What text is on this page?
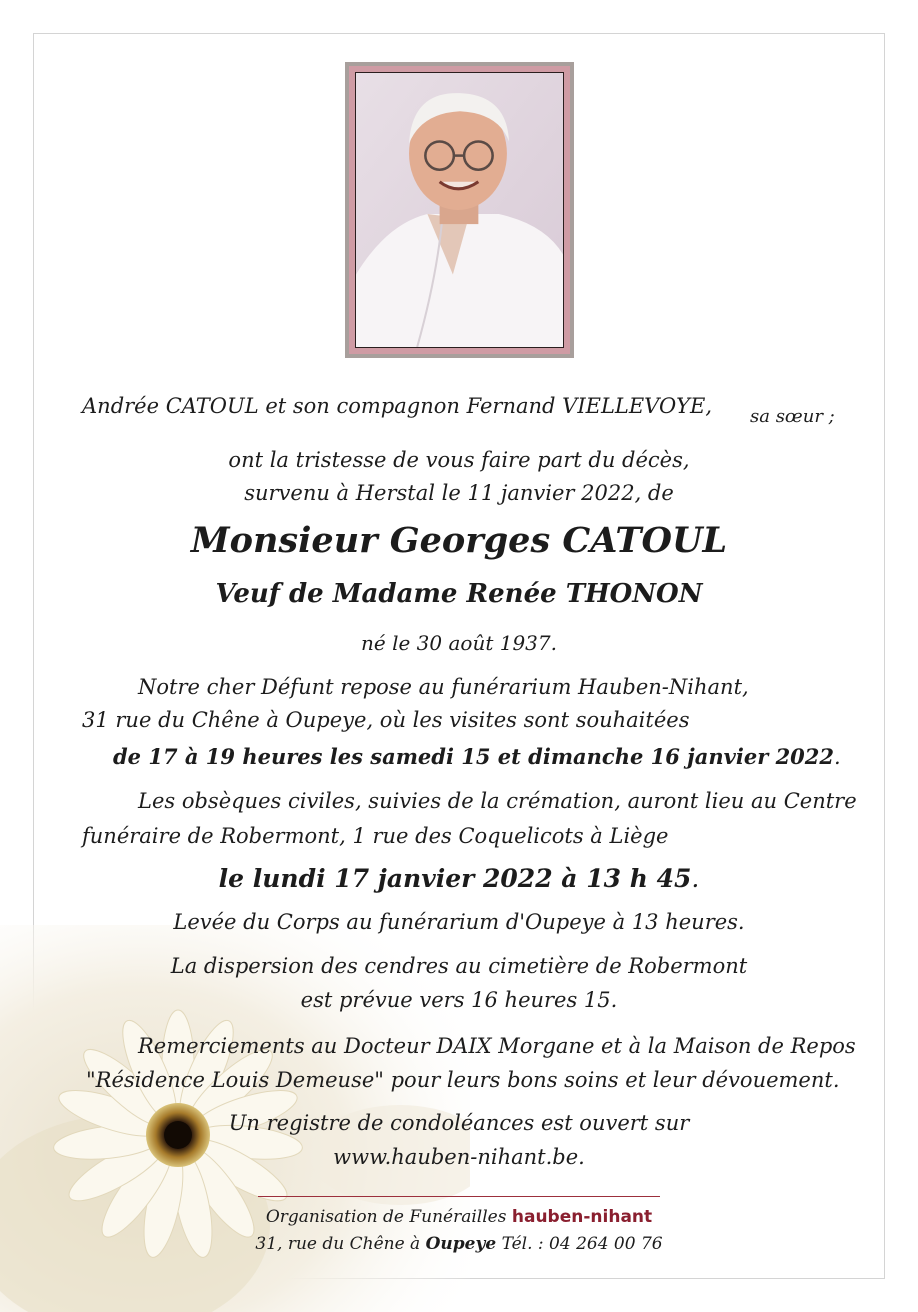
Andrée CATOUL et son compagnon Fernand VIELLEVOYE, sa sœur ;
ont la tristesse de vous faire part du décès,
survenu à Herstal le 11 janvier 2022, de
Monsieur Georges CATOUL
Veuf de Madame Renée THONON
né le 30 août 1937.
Notre cher Défunt repose au funérarium Hauben-Nihant,
31 rue du Chêne à Oupeye, où les visites sont souhaitées
de 17 à 19 heures les samedi 15 et dimanche 16 janvier 2022.
Les obsèques civiles, suivies de la crémation, auront lieu au Centre
funéraire de Robermont, 1 rue des Coquelicots à Liège
le lundi 17 janvier 2022 à 13 h 45.
Levée du Corps au funérarium d'Oupeye à 13 heures.
La dispersion des cendres au cimetière de Robermont
est prévue vers 16 heures 15.
Remerciements au Docteur DAIX Morgane et à la Maison de Repos
"Résidence Louis Demeuse" pour leurs bons soins et leur dévouement.
Un registre de condoléances est ouvert sur
www.hauben-nihant.be.
Organisation de Funérailles hauben-nihant
31, rue du Chêne à Oupeye Tél. : 04 264 00 76
